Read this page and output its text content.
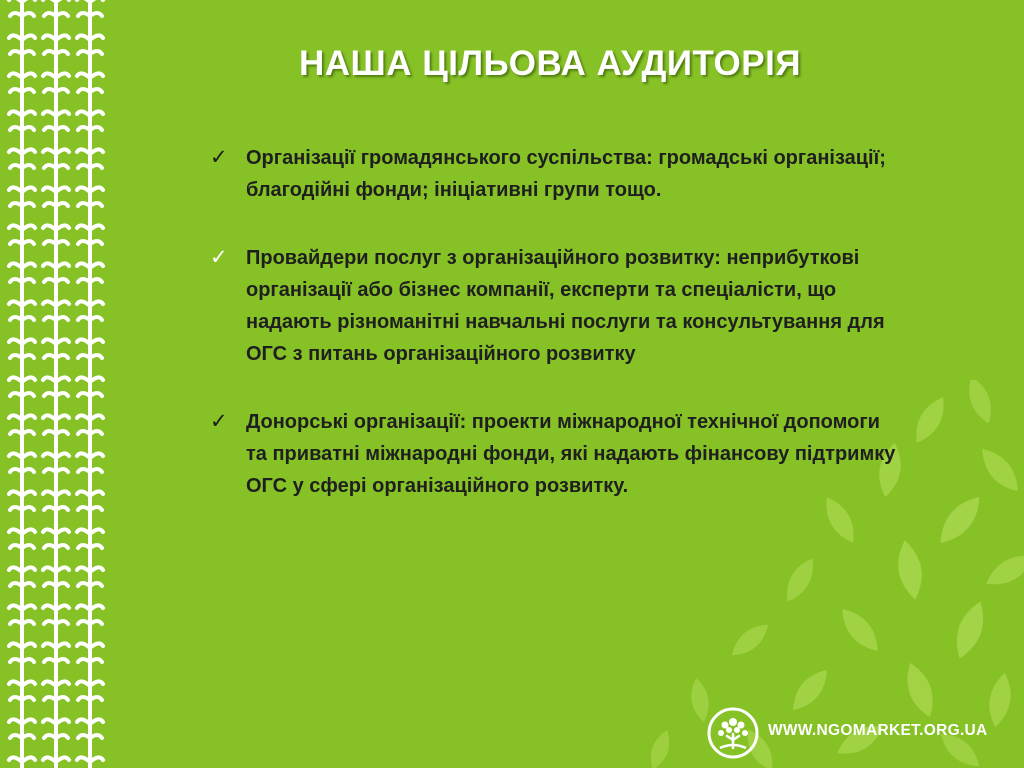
НАША ЦІЛЬОВА АУДИТОРІЯ
✓ Організації громадянського суспільства: громадські організації; благодійні фонди; ініціативні групи тощо.
✓ Провайдери послуг з організаційного розвитку: неприбуткові організації або бізнес компанії, експерти та спеціалісти, що надають різноманітні навчальні послуги та консультування для ОГС з питань організаційного розвитку
✓ Донорські організації: проекти міжнародної технічної допомоги та приватні міжнародні фонди, які надають фінансову підтримку ОГС у сфері організаційного розвитку.
WWW.NGOMARKET.ORG.UA
